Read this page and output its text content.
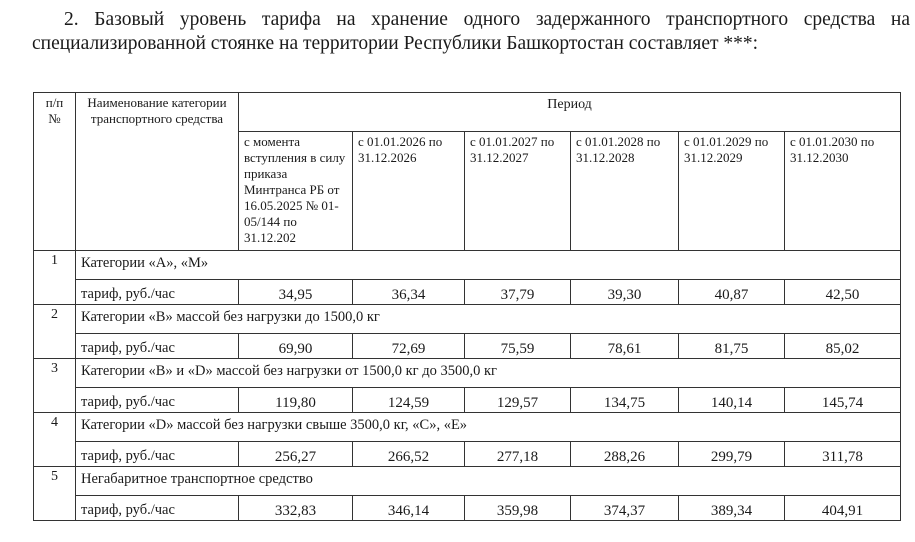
2. Базовый уровень тарифа на хранение одного задержанного транспортного средства на специализированной стоянке на территории Республики Башкортостан составляет ***:
п/п №	Наименование категории транспортного средства	Период					
		с момента вступления в силу приказа Минтранса РБ от 16.05.2025 № 01-05/144 по 31.12.202	с 01.01.2026 по 31.12.2026	с 01.01.2027 по 31.12.2027	с 01.01.2028 по 31.12.2028	с 01.01.2029 по 31.12.2029	с 01.01.2030 по 31.12.2030
1	Категории «А», «М»						
	тариф, руб./час	34,95	36,34	37,79	39,30	40,87	42,50
2	Категории «В» массой без нагрузки до 1500,0 кг						
	тариф, руб./час	69,90	72,69	75,59	78,61	81,75	85,02
3	Категории «В» и «D» массой без нагрузки от 1500,0 кг до 3500,0 кг						
	тариф, руб./час	119,80	124,59	129,57	134,75	140,14	145,74
4	Категории «D» массой без нагрузки свыше 3500,0 кг, «С», «Е»						
	тариф, руб./час	256,27	266,52	277,18	288,26	299,79	311,78
5	Негабаритное транспортное средство						
	тариф, руб./час	332,83	346,14	359,98	374,37	389,34	404,91
